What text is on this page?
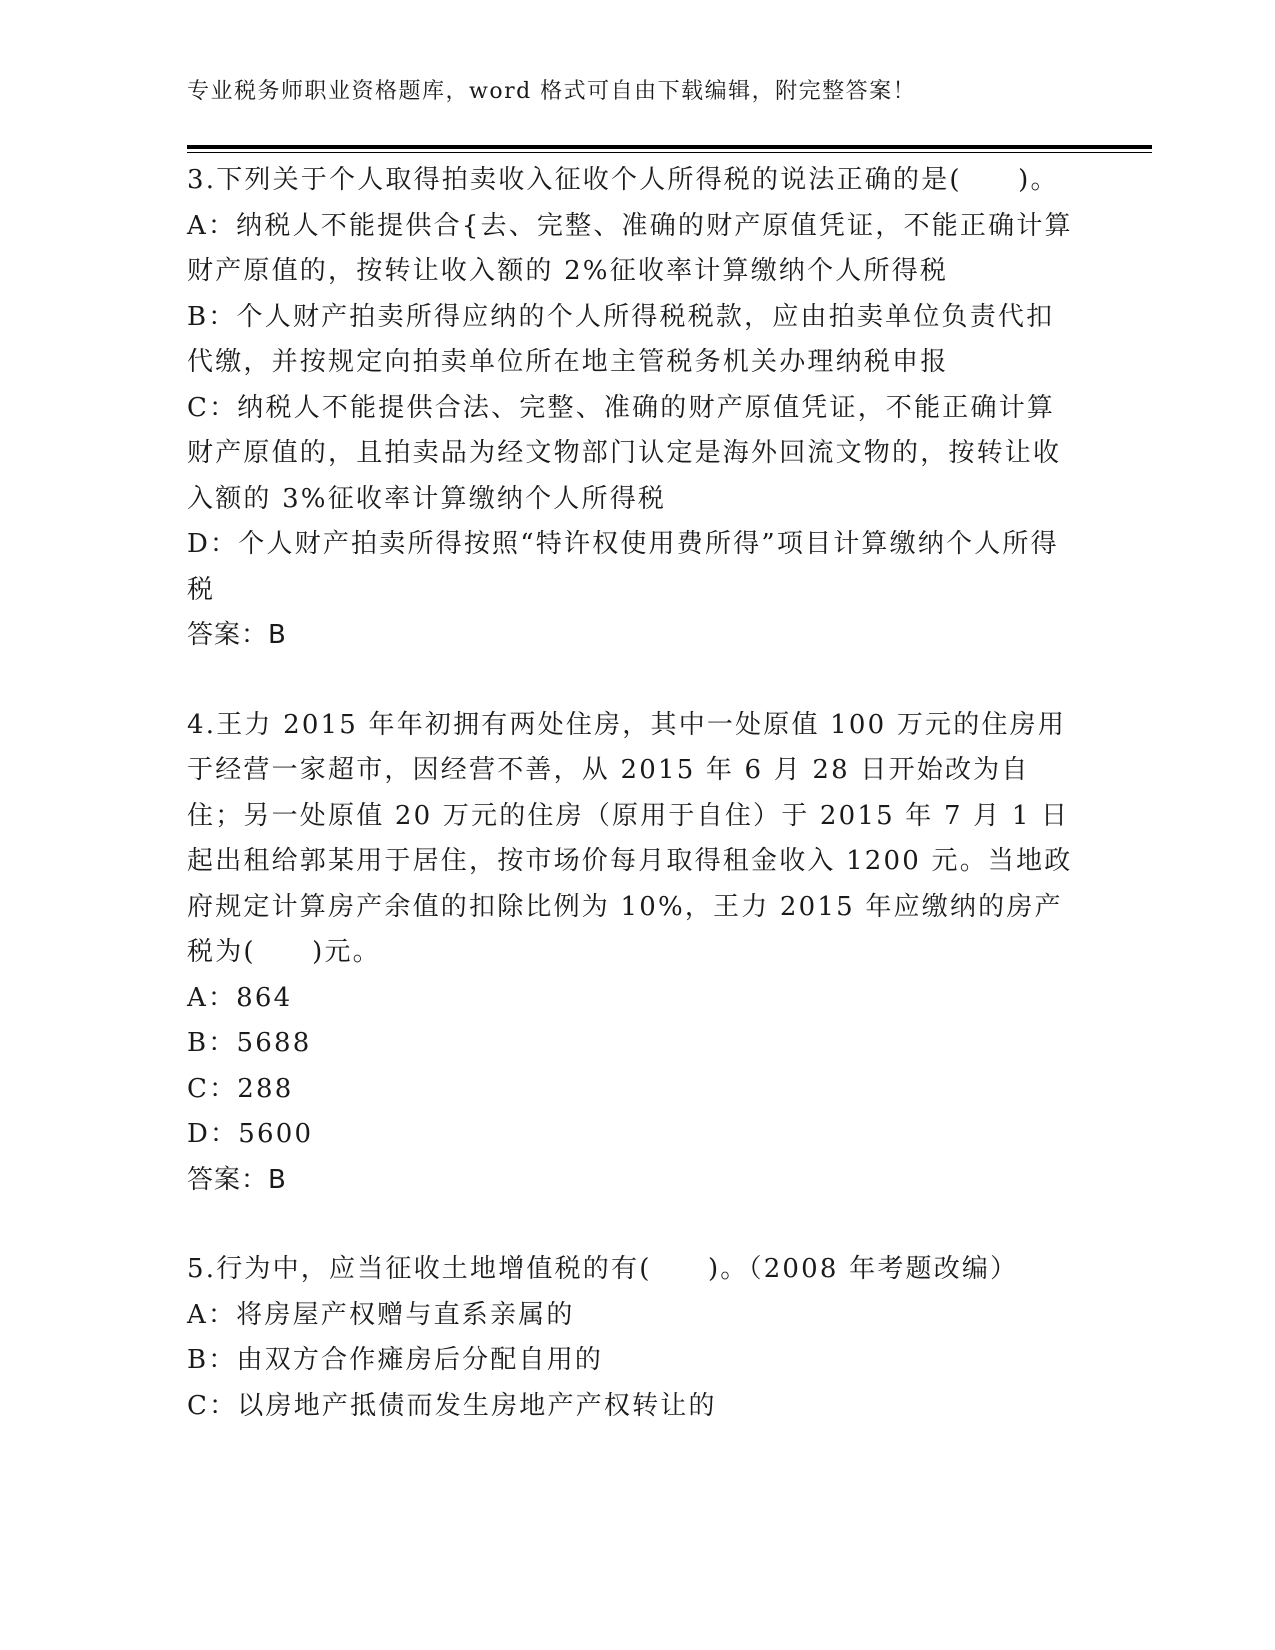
专业税务师职业资格题库，word 格式可自由下载编辑，附完整答案！

3.下列关于个人取得拍卖收入征收个人所得税的说法正确的是(　　)。

A：纳税人不能提供合{去、完整、准确的财产原值凭证，不能正确计算财产原值的，按转让收入额的 2%征收率计算缴纳个人所得税

B：个人财产拍卖所得应纳的个人所得税税款，应由拍卖单位负责代扣代缴，并按规定向拍卖单位所在地主管税务机关办理纳税申报

C：纳税人不能提供合法、完整、准确的财产原值凭证，不能正确计算财产原值的，且拍卖品为经文物部门认定是海外回流文物的，按转让收入额的 3%征收率计算缴纳个人所得税

D：个人财产拍卖所得按照“特许权使用费所得”项目计算缴纳个人所得税

答案：B

4.王力 2015 年年初拥有两处住房，其中一处原值 100 万元的住房用于经营一家超市，因经营不善，从 2015 年 6 月 28 日开始改为自住；另一处原值 20 万元的住房（原用于自住）于 2015 年 7 月 1 日起出租给郭某用于居住，按市场价每月取得租金收入 1200 元。当地政府规定计算房产余值的扣除比例为 10%，王力 2015 年应缴纳的房产税为(　　)元。

A：864

B：5688

C：288

D：5600

答案：B

5.行为中，应当征收土地增值税的有(　　)。（2008 年考题改编）

A：将房屋产权赠与直系亲属的

B：由双方合作瘫房后分配自用的

C：以房地产抵债而发生房地产产权转让的
